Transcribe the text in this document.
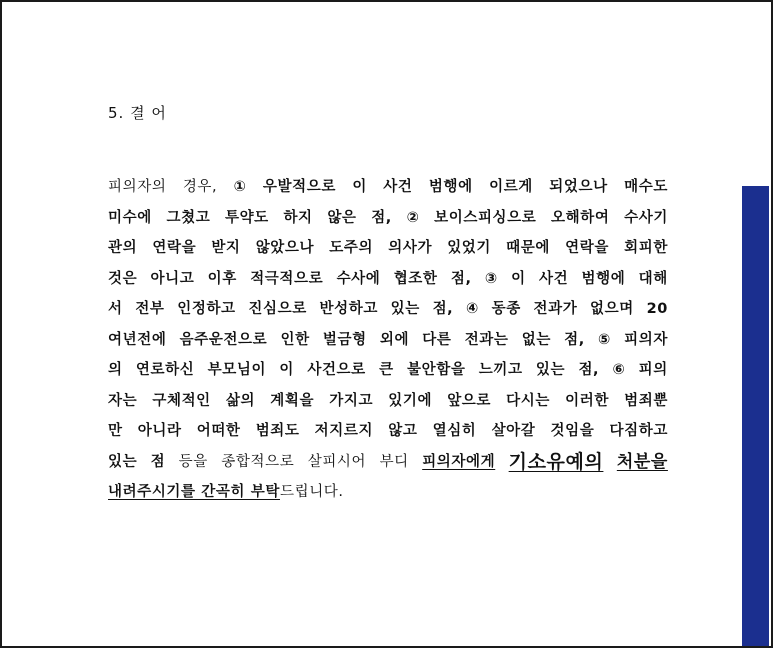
5. 결 어
피의자의 경우, ① 우발적으로 이 사건 범행에 이르게 되었으나 매수도
미수에 그쳤고 투약도 하지 않은 점, ② 보이스피싱으로 오해하여 수사기
관의 연락을 받지 않았으나 도주의 의사가 있었기 때문에 연락을 회피한
것은 아니고 이후 적극적으로 수사에 협조한 점, ③ 이 사건 범행에 대해
서 전부 인정하고 진심으로 반성하고 있는 점, ④ 동종 전과가 없으며 20
여년전에 음주운전으로 인한 벌금형 외에 다른 전과는 없는 점, ⑤ 피의자
의 연로하신 부모님이 이 사건으로 큰 불안함을 느끼고 있는 점, ⑥ 피의
자는 구체적인 삶의 계획을 가지고 있기에 앞으로 다시는 이러한 범죄뿐
만 아니라 어떠한 범죄도 저지르지 않고 열심히 살아갈 것임을 다짐하고
있는 점 등을 종합적으로 살피시어 부디 피의자에게 기소유예의 처분을
내려주시기를 간곡히 부탁 드립니다.
